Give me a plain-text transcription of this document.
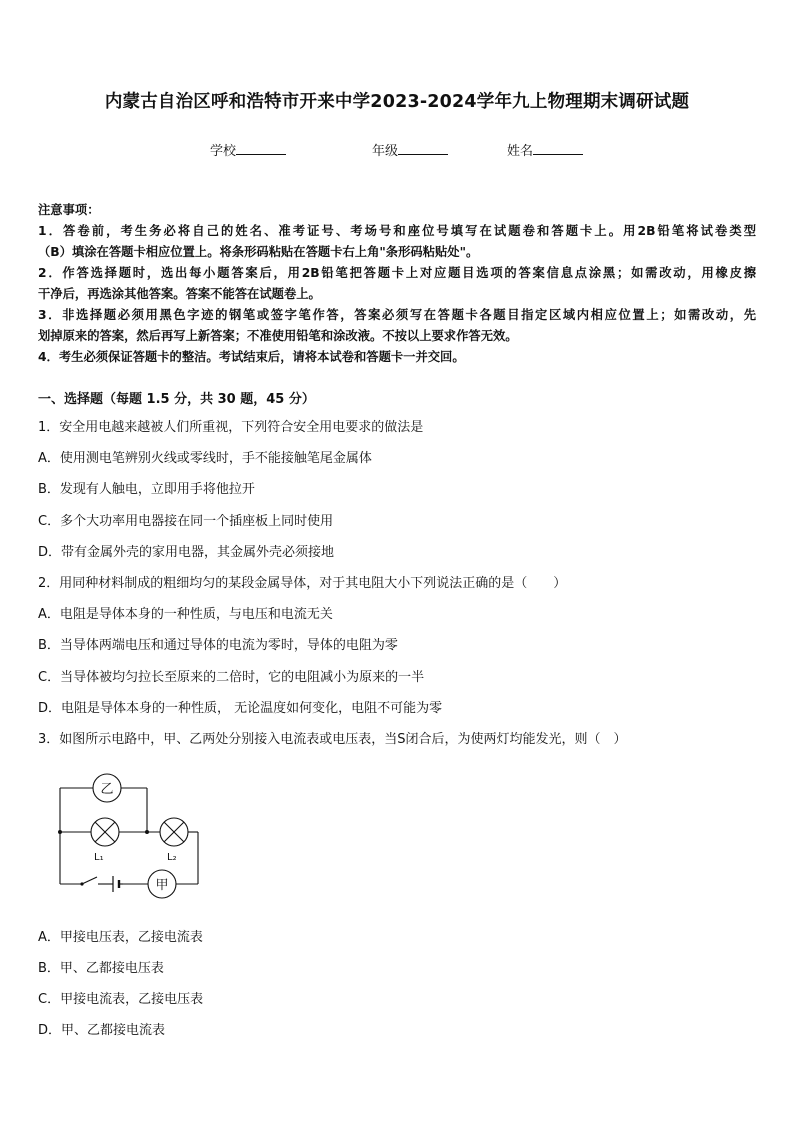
内蒙古自治区呼和浩特市开来中学2023-2024学年九上物理期末调研试题
学校	年级	姓名
注意事项：
1．答卷前，考生务必将自己的姓名、准考证号、考场号和座位号填写在试题卷和答题卡上。用2B铅笔将试卷类型
（B）填涂在答题卡相应位置上。将条形码粘贴在答题卡右上角"条形码粘贴处"。
2．作答选择题时，选出每小题答案后，用2B铅笔把答题卡上对应题目选项的答案信息点涂黑；如需改动，用橡皮擦
干净后，再选涂其他答案。答案不能答在试题卷上。
3．非选择题必须用黑色字迹的钢笔或签字笔作答，答案必须写在答题卡各题目指定区域内相应位置上；如需改动，先
划掉原来的答案，然后再写上新答案；不准使用铅笔和涂改液。不按以上要求作答无效。
4．考生必须保证答题卡的整洁。考试结束后，请将本试卷和答题卡一并交回。
一、选择题（每题 1.5 分，共 30 题，45 分）
1．安全用电越来越被人们所重视，下列符合安全用电要求的做法是
A．使用测电笔辨别火线或零线时，手不能接触笔尾金属体
B．发现有人触电，立即用手将他拉开
C．多个大功率用电器接在同一个插座板上同时使用
D．带有金属外壳的家用电器，其金属外壳必须接地
2．用同种材料制成的粗细均匀的某段金属导体，对于其电阻大小下列说法正确的是（　　）
A．电阻是导体本身的一种性质，与电压和电流无关
B．当导体两端电压和通过导体的电流为零时，导体的电阻为零
C．当导体被均匀拉长至原来的二倍时，它的电阻减小为原来的一半
D．电阻是导体本身的一种性质， 无论温度如何变化，电阻不可能为零
3．如图所示电路中，甲、乙两处分别接入电流表或电压表，当S闭合后，为使两灯均能发光，则（　）
乙
L₁	L₂
甲
A．甲接电压表，乙接电流表
B．甲、乙都接电压表
C．甲接电流表，乙接电压表
D．甲、乙都接电流表
